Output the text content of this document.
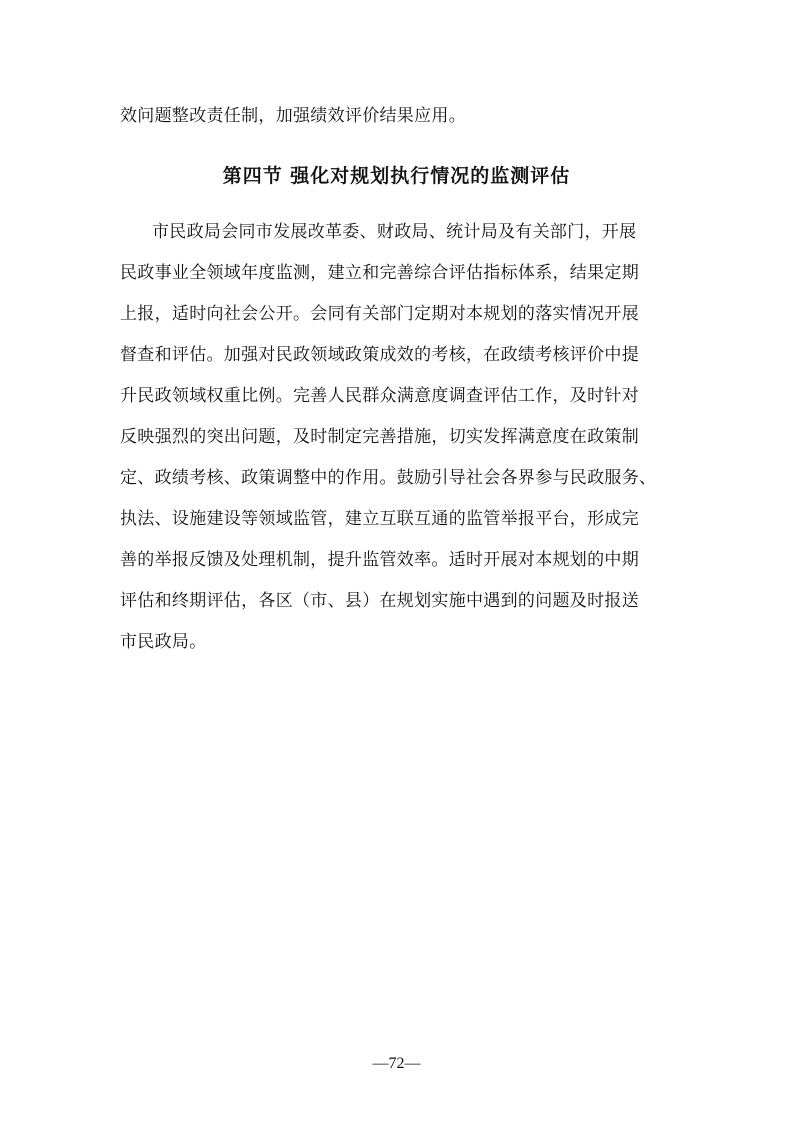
效问题整改责任制，加强绩效评价结果应用。

第四节 强化对规划执行情况的监测评估

市民政局会同市发展改革委、财政局、统计局及有关部门，开展

民政事业全领域年度监测，建立和完善综合评估指标体系，结果定期

上报，适时向社会公开。会同有关部门定期对本规划的落实情况开展

督查和评估。加强对民政领域政策成效的考核，在政绩考核评价中提

升民政领域权重比例。完善人民群众满意度调查评估工作，及时针对

反映强烈的突出问题，及时制定完善措施，切实发挥满意度在政策制

定、政绩考核、政策调整中的作用。鼓励引导社会各界参与民政服务、

执法、设施建设等领域监管，建立互联互通的监管举报平台，形成完

善的举报反馈及处理机制，提升监管效率。适时开展对本规划的中期

评估和终期评估，各区（市、县）在规划实施中遇到的问题及时报送

市民政局。

—72—
